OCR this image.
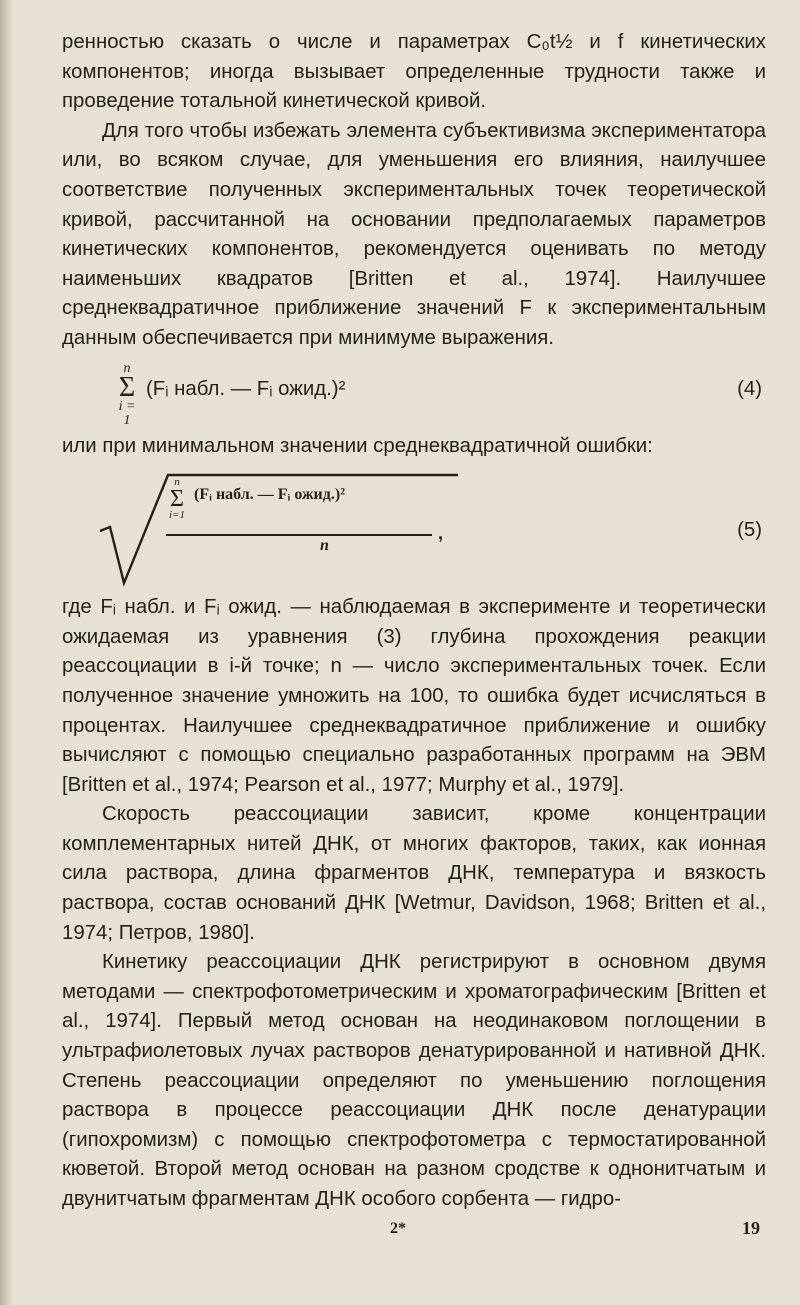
ренностью сказать о числе и параметрах C₀t½ и f кинетических компонентов; иногда вызывает определенные трудности также и проведение тотальной кинетической кривой.

Для того чтобы избежать элемента субъективизма экспериментатора или, во всяком случае, для уменьшения его влияния, наилучшее соответствие полученных экспериментальных точек теоретической кривой, рассчитанной на основании предполагаемых параметров кинетических компонентов, рекомендуется оценивать по методу наименьших квадратов [Britten et al., 1974]. Наилучшее среднеквадратичное приближение значений F к экспериментальным данным обеспечивается при минимуме выражения.

n
Σ
i = 1
(Fᵢ набл. — Fᵢ ожид.)²	(4)

или при минимальном значении среднеквадратичной ошибки:

n
Σ
i=1
(Fᵢ набл. — Fᵢ ожид.)²
n
,	(5)

где Fᵢ набл. и Fᵢ ожид. — наблюдаемая в эксперименте и теоретически ожидаемая из уравнения (3) глубина прохождения реакции реассоциации в i-й точке; n — число экспериментальных точек. Если полученное значение умножить на 100, то ошибка будет исчисляться в процентах. Наилучшее среднеквадратичное приближение и ошибку вычисляют с помощью специально разработанных программ на ЭВМ [Britten et al., 1974; Pearson et al., 1977; Murphy et al., 1979].

Скорость реассоциации зависит, кроме концентрации комплементарных нитей ДНК, от многих факторов, таких, как ионная сила раствора, длина фрагментов ДНК, температура и вязкость раствора, состав оснований ДНК [Wetmur, Davidson, 1968; Britten et al., 1974; Петров, 1980].

Кинетику реассоциации ДНК регистрируют в основном двумя методами — спектрофотометрическим и хроматографическим [Britten et al., 1974]. Первый метод основан на неодинаковом поглощении в ультрафиолетовых лучах растворов денатурированной и нативной ДНК. Степень реассоциации определяют по уменьшению поглощения раствора в процессе реассоциации ДНК после денатурации (гипохромизм) с помощью спектрофотометра с термостатированной кюветой. Второй метод основан на разном сродстве к однонитчатым и двунитчатым фрагментам ДНК особого сорбента — гидро-

2*	19
